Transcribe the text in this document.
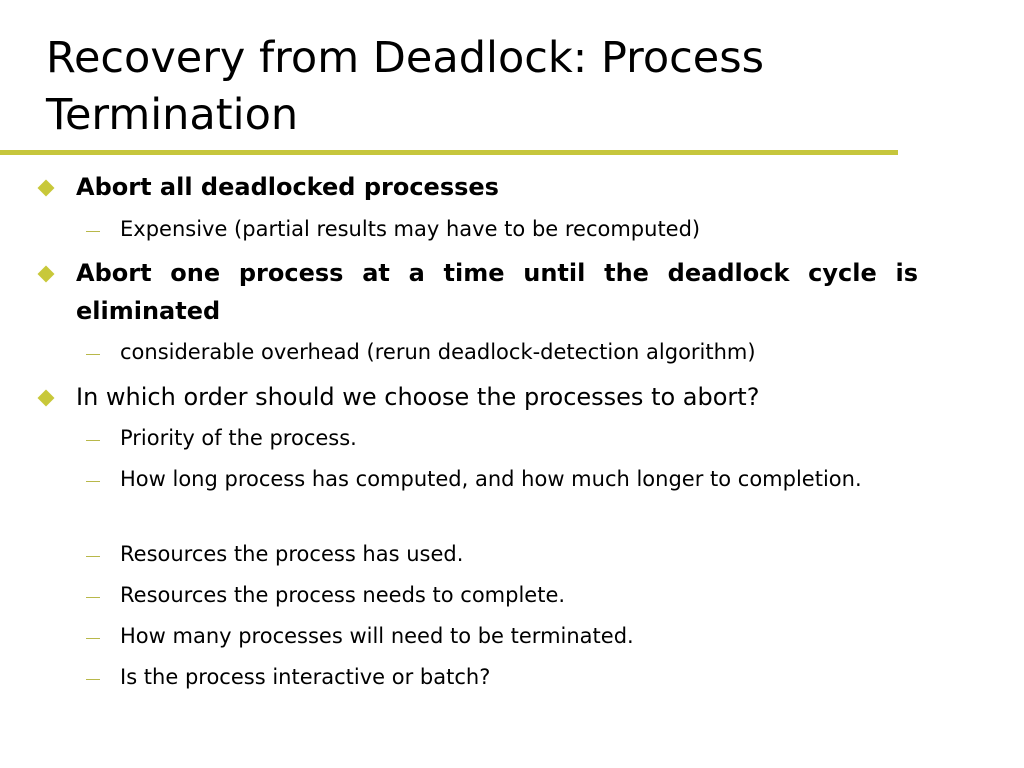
Recovery from Deadlock: Process Termination
Abort all deadlocked processes
Expensive (partial results may have to be recomputed)
Abort one process at a time until the deadlock cycle is eliminated
considerable overhead (rerun deadlock-detection algorithm)
In which order should we choose the processes to abort?
Priority of the process.
How long process has computed, and how much longer to completion.
Resources the process has used.
Resources the process needs to complete.
How many processes will need to be terminated.
Is the process interactive or batch?
